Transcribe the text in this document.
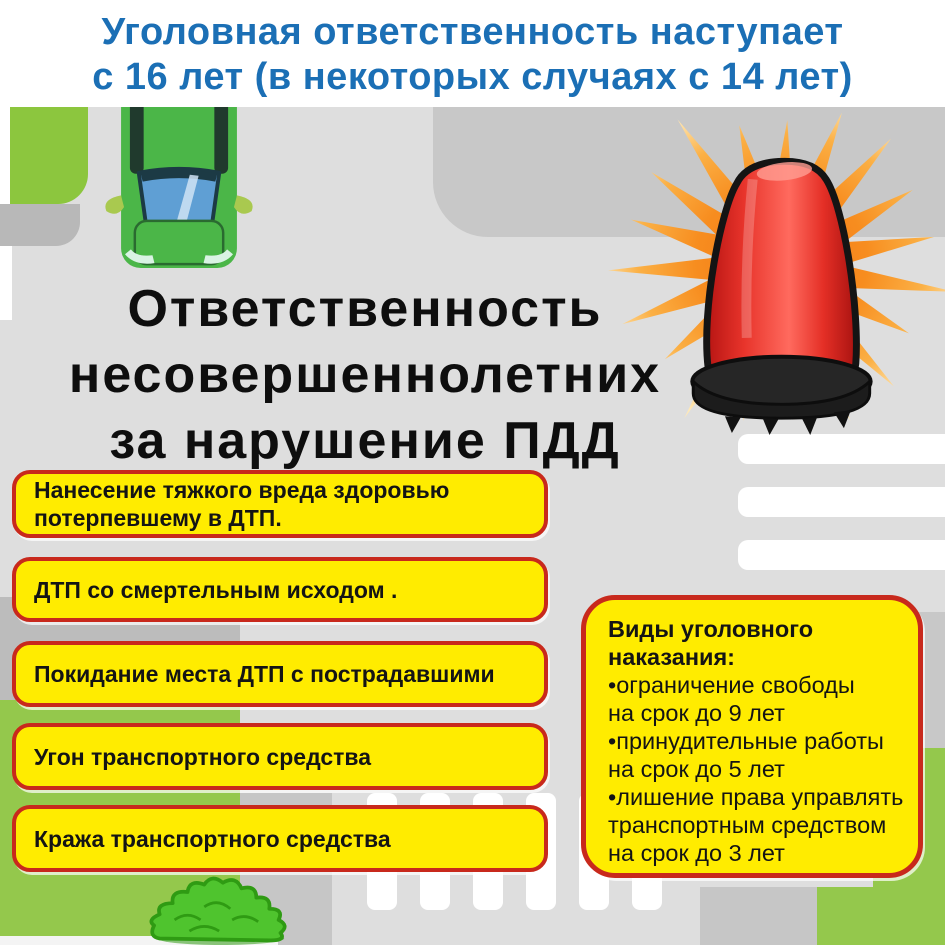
Уголовная ответственность наступает
с 16 лет (в некоторых случаях с 14 лет)
Ответственность
несовершеннолетних
за нарушение ПДД
Нанесение тяжкого вреда здоровью потерпевшему в ДТП.
ДТП со смертельным исходом .
Покидание места ДТП с пострадавшими
Угон транспортного средства
Кража транспортного средства
Виды уголовного наказания:
•ограничение свободы
на срок до 9 лет
•принудительные работы
на срок до 5 лет
•лишение права управлять
транспортным средством
на срок до 3 лет
